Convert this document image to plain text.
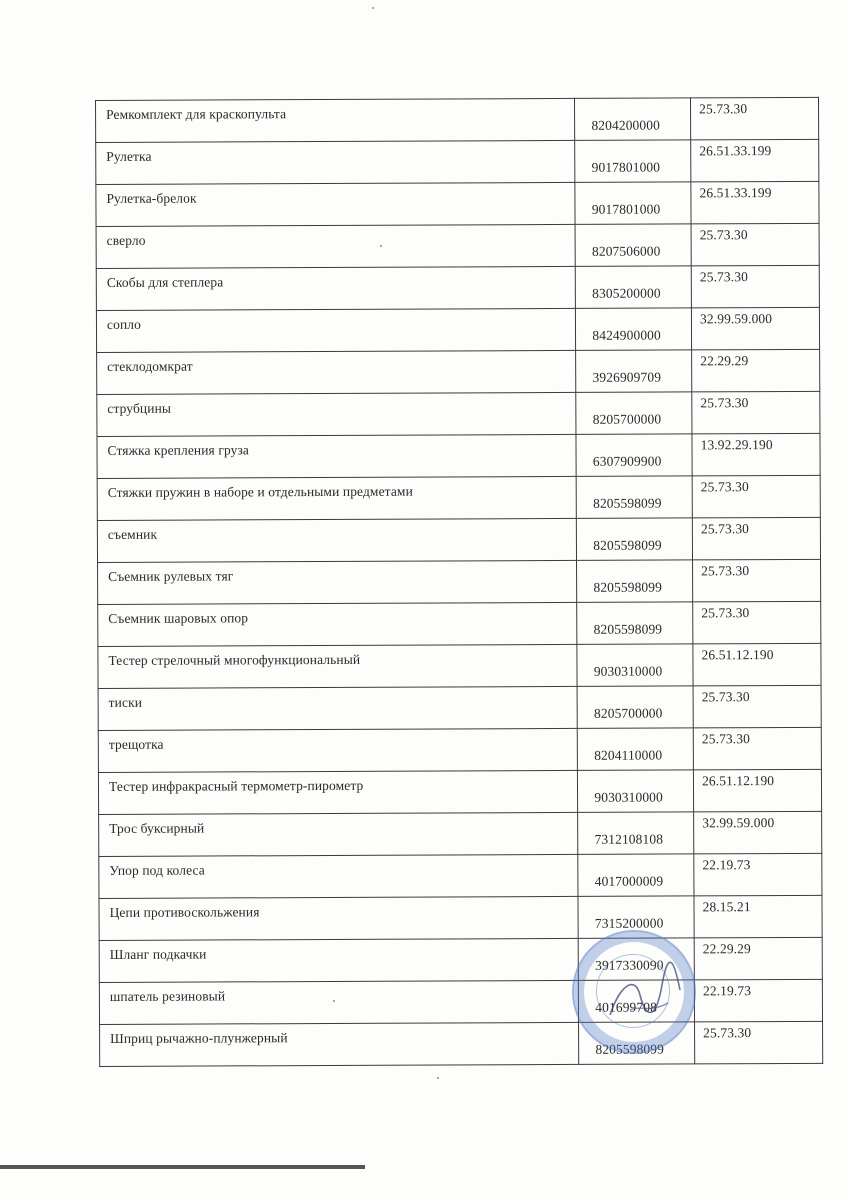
Ремкомплект для краскопульта	8204200000	25.73.30
Рулетка	9017801000	26.51.33.199
Рулетка-брелок	9017801000	26.51.33.199
сверло	8207506000	25.73.30
Скобы для степлера	8305200000	25.73.30
сопло	8424900000	32.99.59.000
стеклодомкрат	3926909709	22.29.29
струбцины	8205700000	25.73.30
Стяжка крепления груза	6307909900	13.92.29.190
Стяжки пружин в наборе и отдельными предметами	8205598099	25.73.30
съемник	8205598099	25.73.30
Съемник рулевых тяг	8205598099	25.73.30
Съемник шаровых опор	8205598099	25.73.30
Тестер стрелочный многофункциональный	9030310000	26.51.12.190
тиски	8205700000	25.73.30
трещотка	8204110000	25.73.30
Тестер инфракрасный термометр-пирометр	9030310000	26.51.12.190
Трос буксирный	7312108108	32.99.59.000
Упор под колеса	4017000009	22.19.73
Цепи противоскольжения	7315200000	28.15.21
Шланг подкачки	3917330090	22.29.29
шпатель резиновый	401699708	22.19.73
Шприц рычажно-плунжерный	8205598099	25.73.30
